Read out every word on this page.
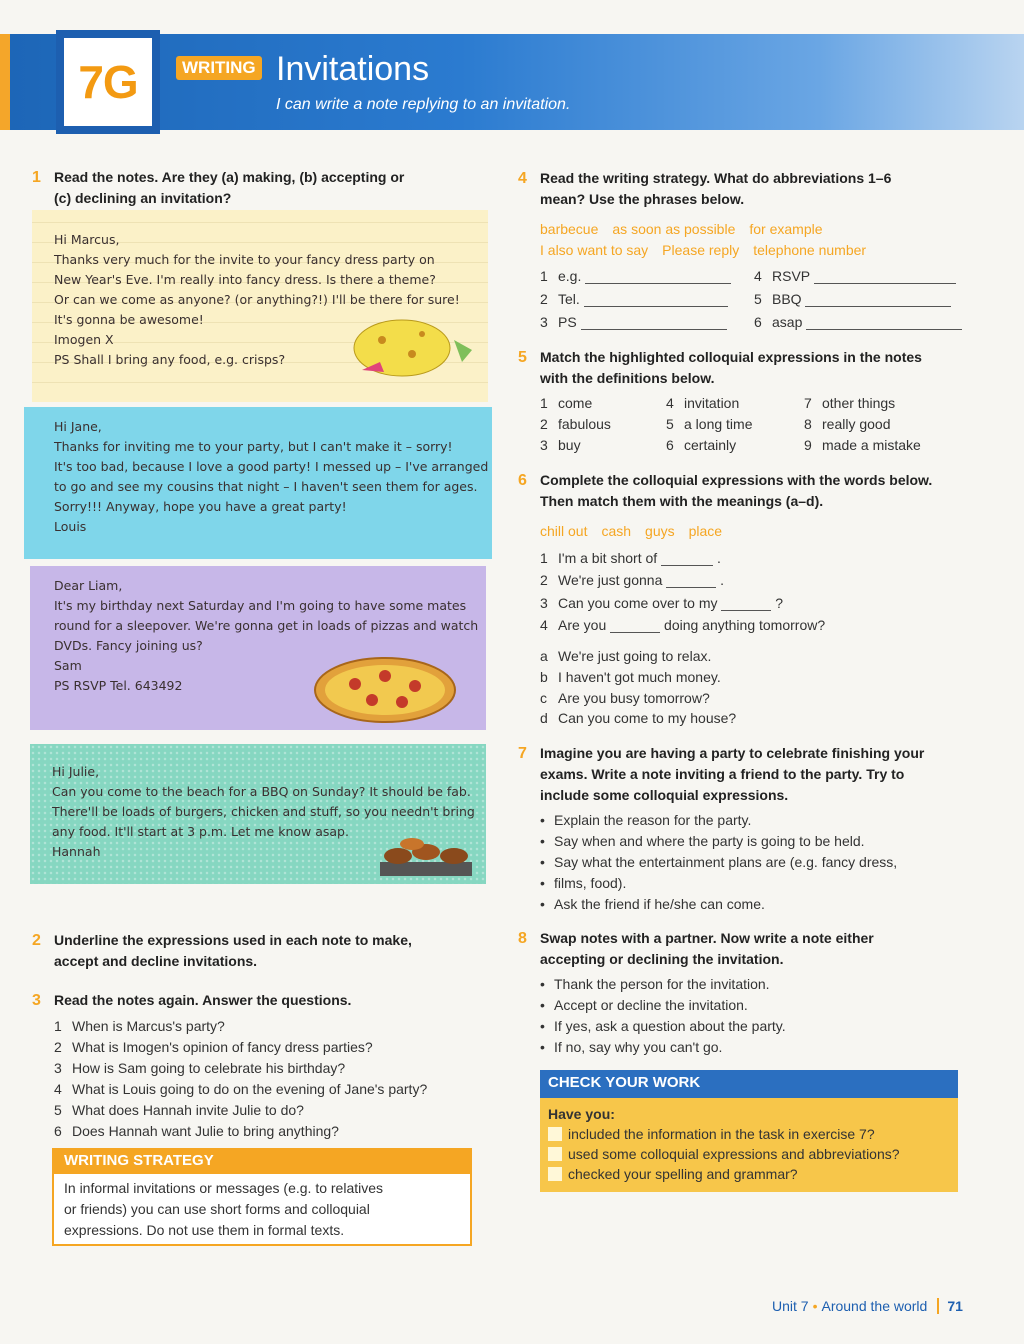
7G	WRITING Invitations
I can write a note replying to an invitation.
1 Read the notes. Are they (a) making, (b) accepting or
(c) declining an invitation?

Hi Marcus,

Thanks very much for the invite to your fancy dress party on

New Year's Eve. I'm really into fancy dress. Is there a theme?

Or can we come as anyone? (or anything?!) I'll be there for sure!

It's gonna be awesome!

Imogen X

PS Shall I bring any food, e.g. crisps?

Hi Jane,

Thanks for inviting me to your party, but I can't make it – sorry!

It's too bad, because I love a good party! I messed up – I've arranged

to go and see my cousins that night – I haven't seen them for ages.

Sorry!!! Anyway, hope you have a great party!

Louis

Dear Liam,

It's my birthday next Saturday and I'm going to have some mates

round for a sleepover. We're gonna get in loads of pizzas and watch

DVDs. Fancy joining us?

Sam

PS RSVP Tel. 643492

Hi Julie,

Can you come to the beach for a BBQ on Sunday? It should be fab.

There'll be loads of burgers, chicken and stuff, so you needn't bring

any food. It'll start at 3 p.m. Let me know asap.

Hannah

2 Underline the expressions used in each note to make,
accept and decline invitations.
3 Read the notes again. Answer the questions.
1 When is Marcus's party?
2 What is Imogen's opinion of fancy dress parties?
3 How is Sam going to celebrate his birthday?
4 What is Louis going to do on the evening of Jane's party?
5 What does Hannah invite Julie to do?
6 Does Hannah want Julie to bring anything?
WRITING STRATEGY
In informal invitations or messages (e.g. to relatives
or friends) you can use short forms and colloquial
expressions. Do not use them in formal texts.
4 Read the writing strategy. What do abbreviations 1–6
mean? Use the phrases below.
barbecue as soon as possible for example
I also want to say Please reply telephone number
1 e.g.
2 Tel.
3 PS
4 RSVP
5 BBQ
6 asap
5 Match the highlighted colloquial expressions in the notes
with the definitions below.
1 come
2 fabulous
3 buy
4 invitation
5 a long time
6 certainly
7 other things
8 really good
9 made a mistake
6 Complete the colloquial expressions with the words below.
Then match them with the meanings (a–d).
chill out cash guys place
1 I'm a bit short of	.
2 We're just gonna	.
3 Can you come over to my	?
4 Are you	doing anything tomorrow?
a We're just going to relax.
b I haven't got much money.
c Are you busy tomorrow?
d Can you come to my house?
7 Imagine you are having a party to celebrate finishing your
exams. Write a note inviting a friend to the party. Try to
include some colloquial expressions.
• Explain the reason for the party.
• Say when and where the party is going to be held.
• Say what the entertainment plans are (e.g. fancy dress,
• films, food).
• Ask the friend if he/she can come.
8 Swap notes with a partner. Now write a note either
accepting or declining the invitation.
• Thank the person for the invitation.
• Accept or decline the invitation.
• If yes, ask a question about the party.
• If no, say why you can't go.
CHECK YOUR WORK
Have you:
included the information in the task in exercise 7?
used some colloquial expressions and abbreviations?
checked your spelling and grammar?
Unit 7 • Around the world 71
